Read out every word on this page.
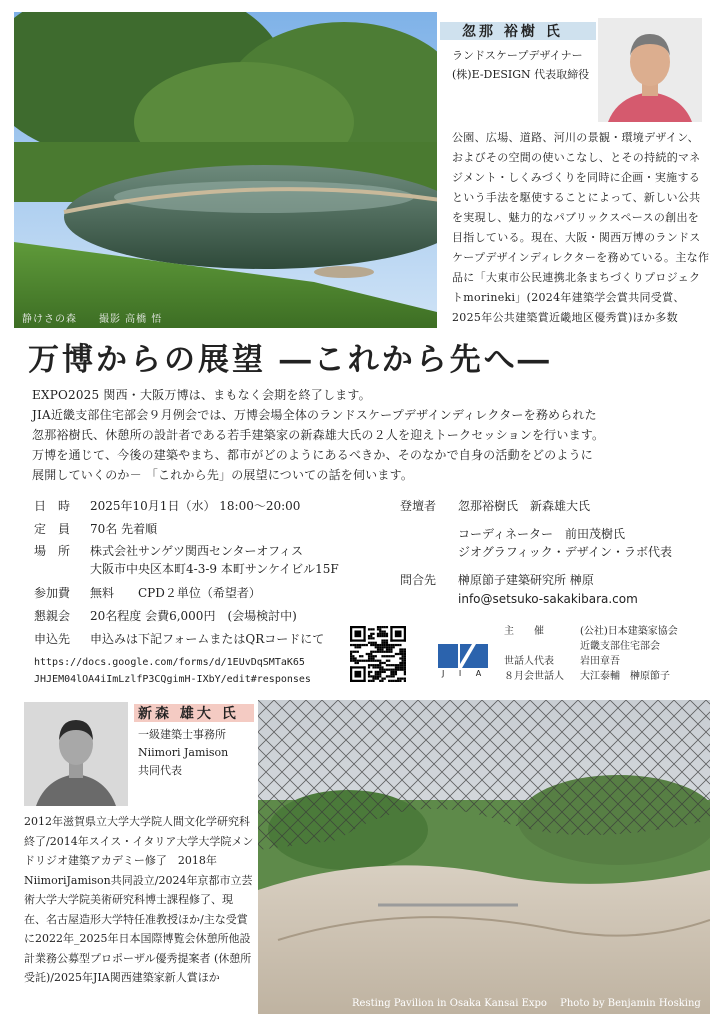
静けさの森　　撮影 高橋 悟
忽那 裕樹 氏
ランドスケープデザイナー
(株)E-DESIGN 代表取締役
公園、広場、道路、河川の景観・環境デザイン、およびその空間の使いこなし、とその持続的マネジメント・しくみづくりを同時に企画・実施するという手法を駆使することによって、新しい公共を実現し、魅力的なパブリックスペースの創出を目指している。現在、大阪・関西万博のランドスケープデザインディレクターを務めている。主な作品に「大東市公民連携北条まちづくりプロジェクトmorineki」(2024年建築学会賞共同受賞、2025年公共建築賞近畿地区優秀賞)ほか多数
万博からの展望 ―これから先へ―

EXPO2025 関西・大阪万博は、まもなく会期を終了します。

JIA近畿支部住宅部会９月例会では、万博会場全体のランドスケープデザインディレクターを務められた

忽那裕樹氏、休憩所の設計者である若手建築家の新森雄大氏の２人を迎えトークセッションを行います。

万博を通じて、今後の建築やまち、都市がどのようにあるべきか、そのなかで自身の活動をどのように

展開していくのか－ 「これから先」の展望についての話を伺います。

日　時 2025年10月1日（水） 18:00～20:00
定　員 70名 先着順
場　所 株式会社サンゲツ関西センターオフィス
大阪市中央区本町4-3-9 本町サンケイビル15F
参加費 無料　　CPD２単位（希望者）
懇親会 20名程度 会費6,000円　(会場検討中)
申込先 申込みは下記フォームまたはQRコードにて
https://docs.google.com/forms/d/1EUvDqSMTaK65
JHJEM04lOA4iImLzlfP3CQgimH-IXbY/edit#responses
登壇者 忽那裕樹氏　新森雄大氏
コーディネーター　前田茂樹氏
ジオグラフィック・デザイン・ラボ代表
問合先 榊原節子建築研究所 榊原
info@setsuko-sakakibara.com
J I A
主　　催	(公社)日本建築家協会
近畿支部住宅部会
世話人代表	岩田章吾
８月会世話人 大江泰輔　榊原節子
新森 雄大 氏
一級建築士事務所
Niimori Jamison
共同代表
2012年滋賀県立大学大学院人間文化学研究科終了/2014年スイス・イタリア大学大学院メンドリジオ建築アカデミー修了　2018年NiimoriJamison共同設立/2024年京都市立芸術大学大学院美術研究科博士課程修了、現在、名古屋造形大学特任准教授ほか/主な受賞に2022年_2025年日本国際博覧会休憩所他設計業務公募型プロポーザル優秀提案者 (休憩所受託)/2025年JIA関西建築家新人賞ほか
Resting Pavilion in Osaka Kansai Expo　 Photo by Benjamin Hosking
